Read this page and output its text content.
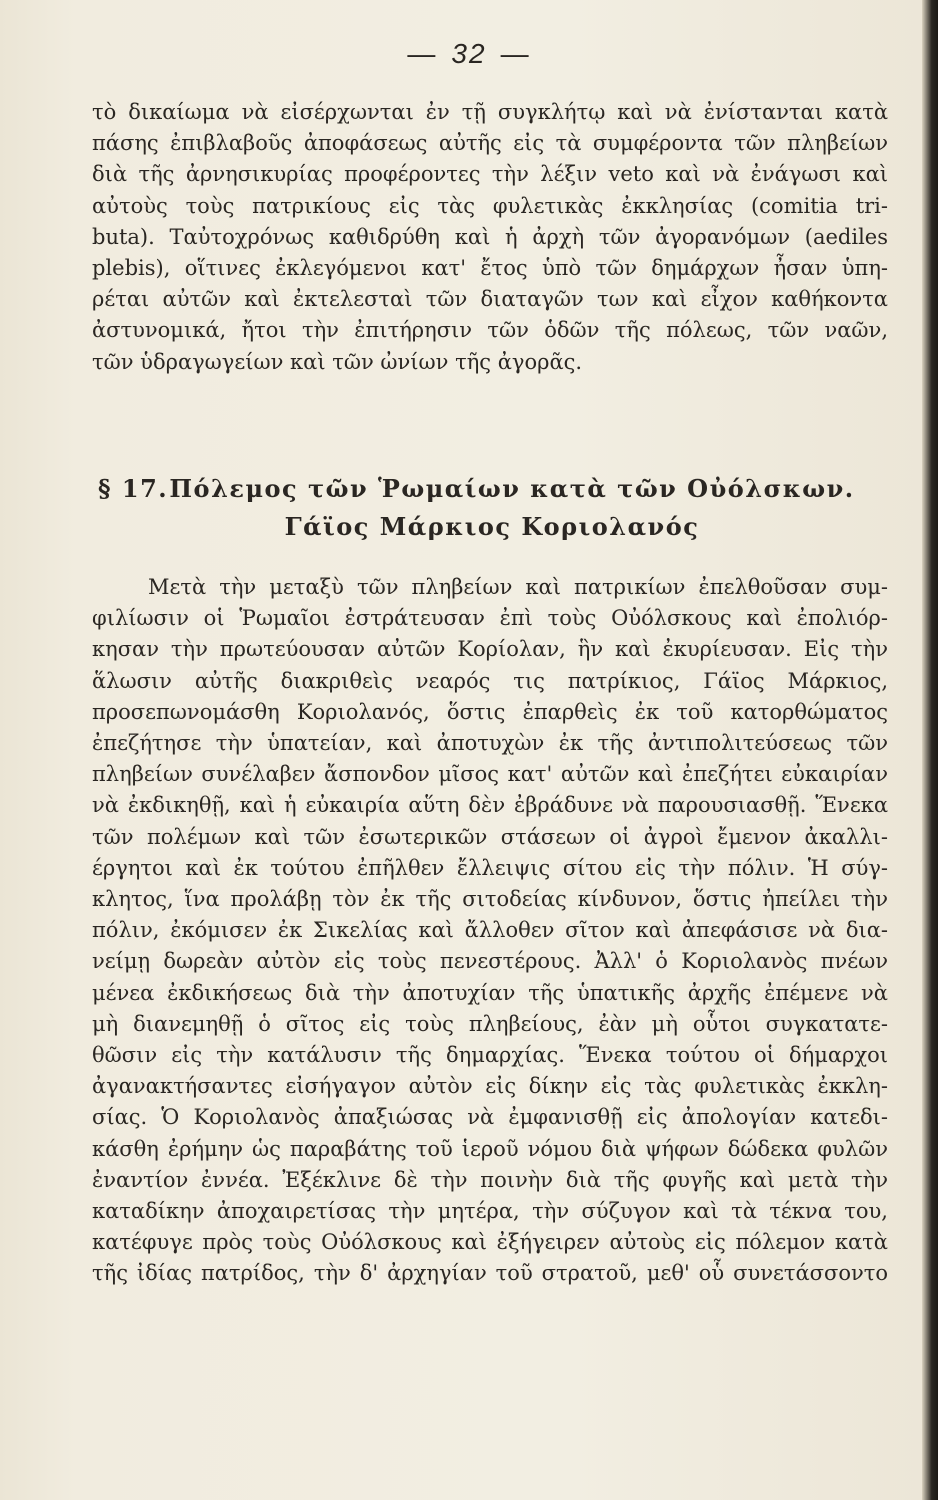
— 32 —
τὸ δικαίωμα νὰ εἰσέρχωνται ἐν τῇ συγκλήτῳ καὶ νὰ ἐνίστανται κατὰ
πάσης ἐπιβλαβοῦς ἀποφάσεως αὐτῆς εἰς τὰ συμφέροντα τῶν πληβείων
διὰ τῆς ἀρνησικυρίας προφέροντες τὴν λέξιν veto καὶ νὰ ἐνάγωσι καὶ
αὐτοὺς τοὺς πατρικίους εἰς τὰς φυλετικὰς ἐκκλησίας (comitia tri-
buta). Ταὐτοχρόνως καθιδρύθη καὶ ἡ ἀρχὴ τῶν ἀγορανόμων (aediles
plebis), οἵτινες ἐκλεγόμενοι κατ' ἔτος ὑπὸ τῶν δημάρχων ἦσαν ὑπη-
ρέται αὐτῶν καὶ ἐκτελεσταὶ τῶν διαταγῶν των καὶ εἶχον καθήκοντα
ἀστυνομικά, ἤτοι τὴν ἐπιτήρησιν τῶν ὁδῶν τῆς πόλεως, τῶν ναῶν,
τῶν ὑδραγωγείων καὶ τῶν ὠνίων τῆς ἀγορᾶς.
§ 17. Πόλεμος τῶν Ῥωμαίων κατὰ τῶν Οὐόλσκων.
Γάϊος Μάρκιος Κοριολανός
Μετὰ τὴν μεταξὺ τῶν πληβείων καὶ πατρικίων ἐπελθοῦσαν συμ-
φιλίωσιν οἱ Ῥωμαῖοι ἐστράτευσαν ἐπὶ τοὺς Οὐόλσκους καὶ ἐπολιόρ-
κησαν τὴν πρωτεύουσαν αὐτῶν Κορίολαν, ἣν καὶ ἐκυρίευσαν. Εἰς τὴν
ἅλωσιν αὐτῆς διακριθεὶς νεαρός τις πατρίκιος, Γάϊος Μάρκιος,
προσεπωνομάσθη Κοριολανός, ὅστις ἐπαρθεὶς ἐκ τοῦ κατορθώματος
ἐπεζήτησε τὴν ὑπατείαν, καὶ ἀποτυχὼν ἐκ τῆς ἀντιπολιτεύσεως τῶν
πληβείων συνέλαβεν ἄσπονδον μῖσος κατ' αὐτῶν καὶ ἐπεζήτει εὐκαιρίαν
νὰ ἐκδικηθῇ, καὶ ἡ εὐκαιρία αὕτη δὲν ἐβράδυνε νὰ παρουσιασθῇ. Ἕνεκα
τῶν πολέμων καὶ τῶν ἐσωτερικῶν στάσεων οἱ ἀγροὶ ἔμενον ἀκαλλι-
έργητοι καὶ ἐκ τούτου ἐπῆλθεν ἔλλειψις σίτου εἰς τὴν πόλιν. Ἡ σύγ-
κλητος, ἵνα προλάβῃ τὸν ἐκ τῆς σιτοδείας κίνδυνον, ὅστις ἠπείλει τὴν
πόλιν, ἐκόμισεν ἐκ Σικελίας καὶ ἄλλοθεν σῖτον καὶ ἀπεφάσισε νὰ δια-
νείμῃ δωρεὰν αὐτὸν εἰς τοὺς πενεστέρους. Ἀλλ' ὁ Κοριολανὸς πνέων
μένεα ἐκδικήσεως διὰ τὴν ἀποτυχίαν τῆς ὑπατικῆς ἀρχῆς ἐπέμενε νὰ
μὴ διανεμηθῇ ὁ σῖτος εἰς τοὺς πληβείους, ἐὰν μὴ οὗτοι συγκατατε-
θῶσιν εἰς τὴν κατάλυσιν τῆς δημαρχίας. Ἕνεκα τούτου οἱ δήμαρχοι
ἀγανακτήσαντες εἰσήγαγον αὐτὸν εἰς δίκην εἰς τὰς φυλετικὰς ἐκκλη-
σίας. Ὁ Κοριολανὸς ἀπαξιώσας νὰ ἐμφανισθῇ εἰς ἀπολογίαν κατεδι-
κάσθη ἐρήμην ὡς παραβάτης τοῦ ἱεροῦ νόμου διὰ ψήφων δώδεκα φυλῶν
ἐναντίον ἐννέα. Ἐξέκλινε δὲ τὴν ποινὴν διὰ τῆς φυγῆς καὶ μετὰ τὴν
καταδίκην ἀποχαιρετίσας τὴν μητέρα, τὴν σύζυγον καὶ τὰ τέκνα του,
κατέφυγε πρὸς τοὺς Οὐόλσκους καὶ ἐξήγειρεν αὐτοὺς εἰς πόλεμον κατὰ
τῆς ἰδίας πατρίδος, τὴν δ' ἀρχηγίαν τοῦ στρατοῦ, μεθ' οὗ συνετάσσοντο
